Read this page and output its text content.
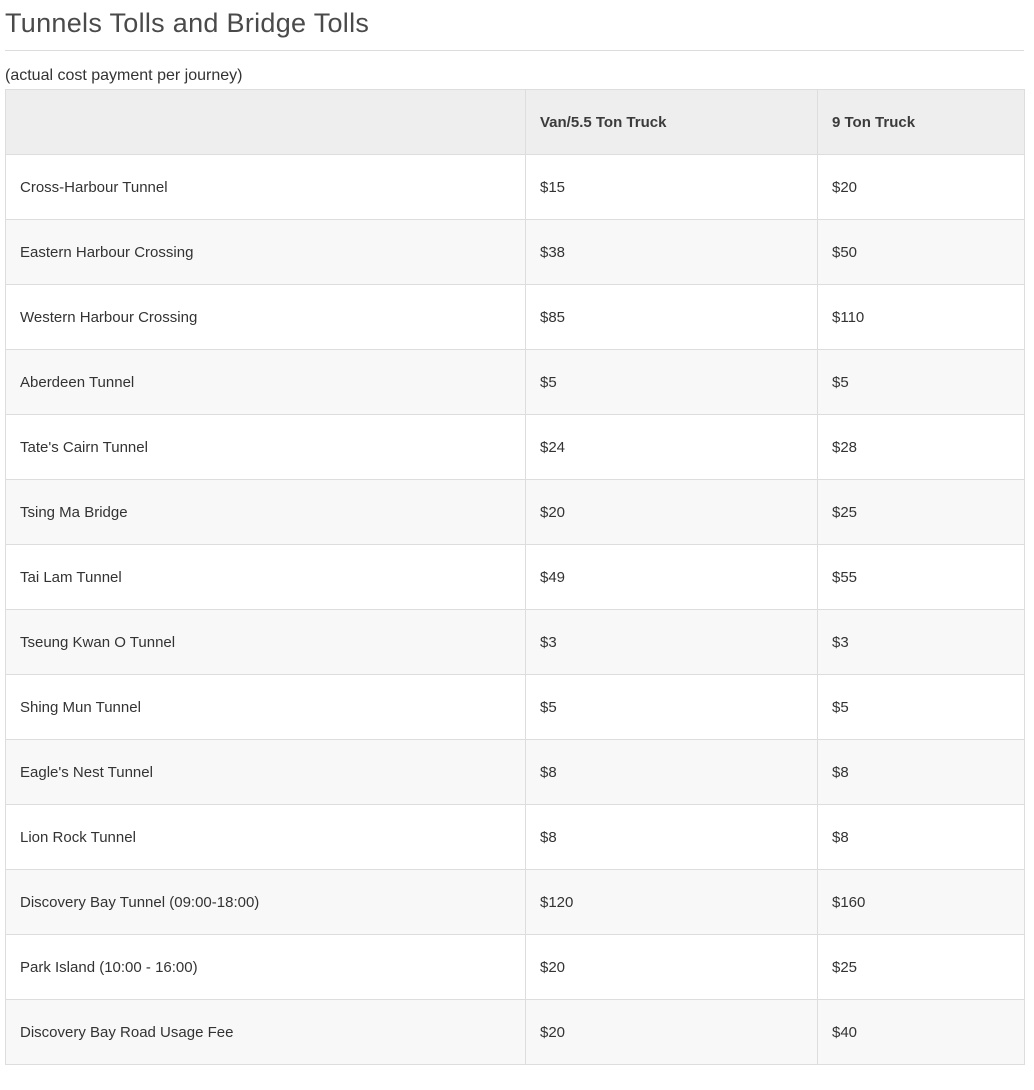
Tunnels Tolls and Bridge Tolls

(actual cost payment per journey)

	Van/5.5 Ton Truck	9 Ton Truck
Cross-Harbour Tunnel	$15	$20
Eastern Harbour Crossing	$38	$50
Western Harbour Crossing	$85	$110
Aberdeen Tunnel	$5	$5
Tate's Cairn Tunnel	$24	$28
Tsing Ma Bridge	$20	$25
Tai Lam Tunnel	$49	$55
Tseung Kwan O Tunnel	$3	$3
Shing Mun Tunnel	$5	$5
Eagle's Nest Tunnel	$8	$8
Lion Rock Tunnel	$8	$8
Discovery Bay Tunnel (09:00-18:00)	$120	$160
Park Island (10:00 - 16:00)	$20	$25
Discovery Bay Road Usage Fee	$20	$40
